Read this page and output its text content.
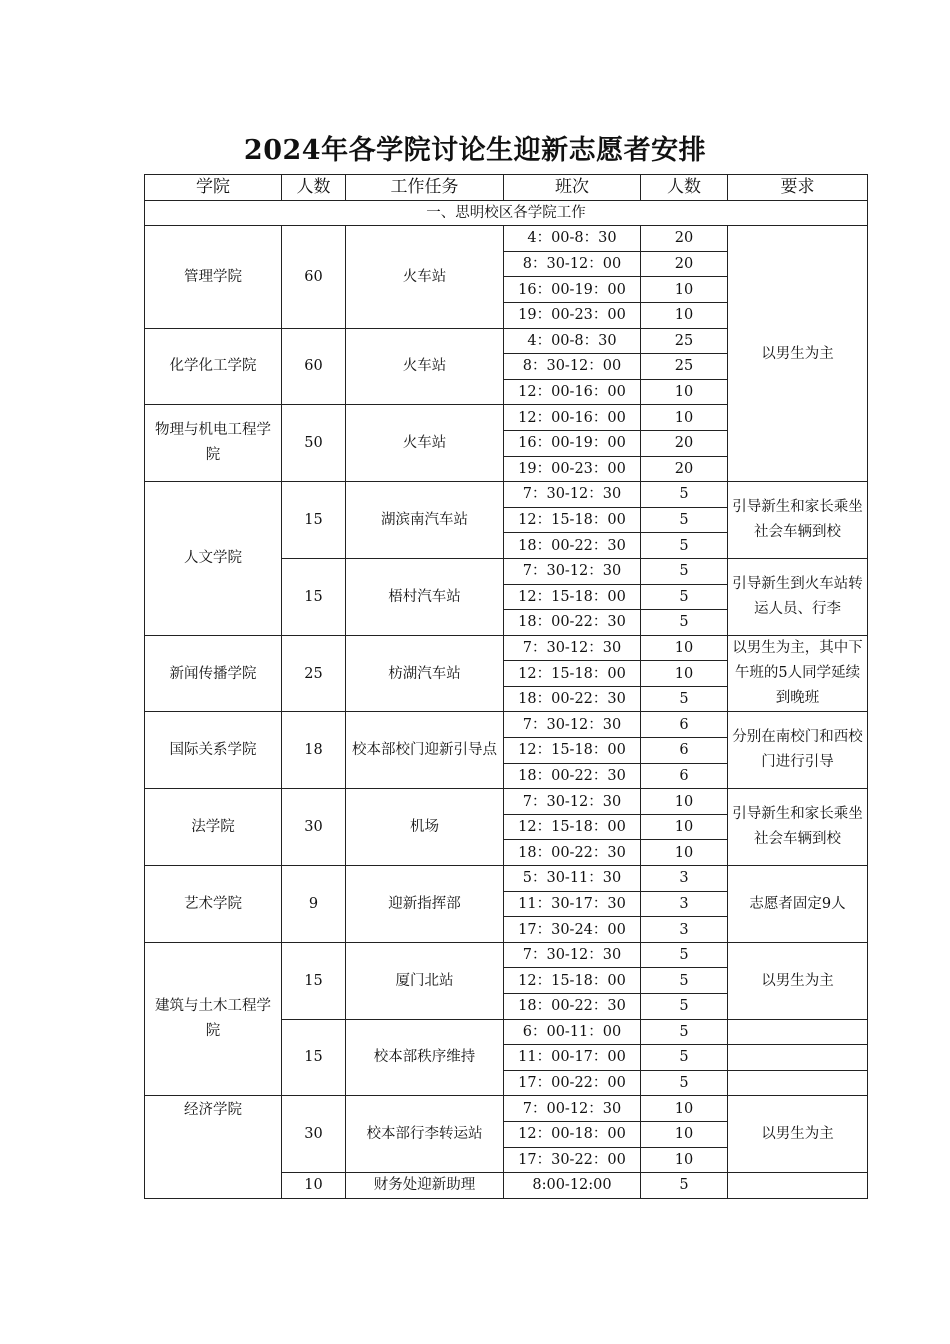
2024年各学院讨论生迎新志愿者安排
学院	人数	工作任务	班次	人数	要求
一、思明校区各学院工作					
管理学院	60	火车站	4：00-8：30	20	以男生为主
			8：30-12：00	20	
			16：00-19：00	10	
			19：00-23：00	10	
化学化工学院	60	火车站	4：00-8：30	25	
			8：30-12：00	25	
			12：00-16：00	10	
物理与机电工程学院	50	火车站	12：00-16：00	10	
			16：00-19：00	20	
			19：00-23：00	20	
人文学院	15	湖滨南汽车站	7：30-12：30	5	引导新生和家长乘坐社会车辆到校
			12：15-18：00	5	
			18：00-22：30	5	
	15	梧村汽车站	7：30-12：30	5	引导新生到火车站转运人员、行李
			12：15-18：00	5	
			18：00-22：30	5	
新闻传播学院	25	枋湖汽车站	7：30-12：30	10	以男生为主，其中下午班的5人同学延续到晚班
			12：15-18：00	10	
			18：00-22：30	5	
国际关系学院	18	校本部校门迎新引导点	7：30-12：30	6	分别在南校门和西校门进行引导
			12：15-18：00	6	
			18：00-22：30	6	
法学院	30	机场	7：30-12：30	10	引导新生和家长乘坐社会车辆到校
			12：15-18：00	10	
			18：00-22：30	10	
艺术学院	9	迎新指挥部	5：30-11：30	3	志愿者固定9人
			11：30-17：30	3	
			17：30-24：00	3	
建筑与土木工程学院	15	厦门北站	7：30-12：30	5	以男生为主
			12：15-18：00	5	
			18：00-22：30	5	
	15	校本部秩序维持	6：00-11：00	5	
			11：00-17：00	5	
			17：00-22：00	5	
经济学院	30	校本部行李转运站	7：00-12：30	10	以男生为主
			12：00-18：00	10	
			17：30-22：00	10	
	10	财务处迎新助理	8:00-12:00	5	
